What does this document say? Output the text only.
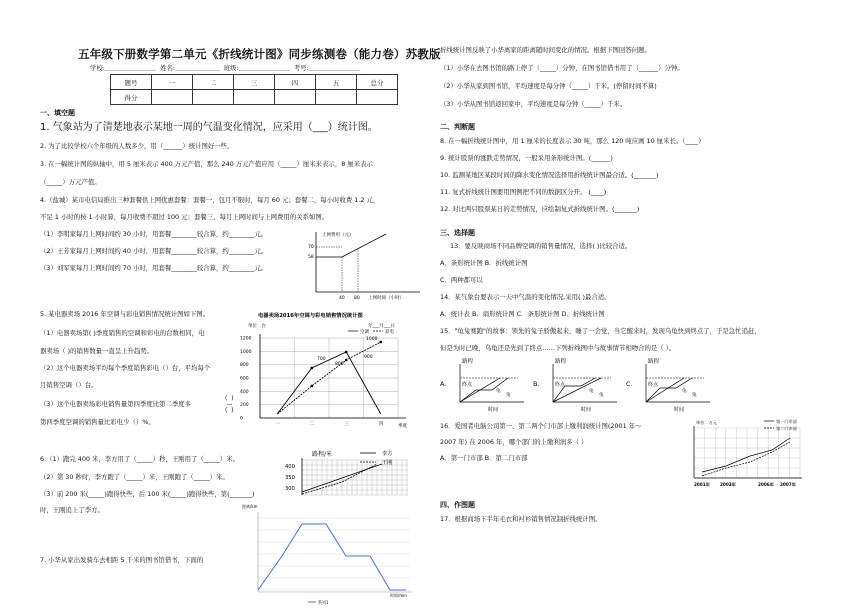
五年级下册数学第二单元《折线统计图》同步练测卷（能力卷）苏教版
学校:＿＿＿＿＿＿＿＿ 姓名:＿＿＿＿＿＿＿ 班级:＿＿＿＿＿＿＿＿ 考号:＿＿＿＿＿＿＿＿
题号	一	二	三	四	五	总分
得分						
一、填空题
1. 气象站为了清楚地表示某地一周的气温变化情况，应采用（___）统计图。
2. 为了比较学校六个年级的人数多少，用（______）统计图好一些。
3. 在一幅统计图的纵轴中，用 5 厘米表示 400 万元产值，那么 240 万元产值应用（_____）厘米来表示，8 厘米表示
（_____）万元产值。
4.（盐城）某市电信局推出三种套餐供上网优惠套餐：套餐一，包月不限时，每月 60 元；套餐二，每小时收费 1.2 元，
不足 1 小时的按 1 小时算，每月收费不超过 100 元；套餐三，每月上网时间与上网费用的关系如图。
（1）李明家每月上网时间约 30 小时，用套餐________较合算，约________元。
（2）王芳家每月上网时间约 40 小时，用套餐________较合算，约________元。
（3）刘军家每月上网时间约 70 小时，用套餐________较合算，约________元。
上网费用（元）
上网时间（小时）
70
58
40 80
5. 某电器卖场 2016 年空调与彩电销售情况统计图如下图。
（1）电器卖场第( )季度销售的空调和彩电的台数相同，电
器卖场（ )的销售数量一直呈上升趋势。
（2）这个电器卖场平均每个季度销售彩电（）台，平均每个
月销售空调（）台。
（3）这个电器卖场彩电销售量第四季度比第二季度多
(  )
—
(  )
第四季度空调的销售量比彩电少（）%。
电器卖场2016年空调与彩电销售情况统计图
单位：台	年___月___日
0
200
400
600
800
1000
1200
一	二	三	四
空调	彩电
季度
800
900
700
1000
6.（1）跑完 400 米，李方用了（_____）秒，王刚用了（_____）米。
（2）第 30 秒时，李方跑了（_____）米，王刚跑了（_____）米。
（3）前 200 米(_____)跑得快些，后 100 米(_____)跑得快些，第(_______)
时，王刚追上了李方。
路程/米
400
350
300
李方
王刚
距离/km
时间/min
系列1
7. 小华从家出发骑车去相距 5 千米的图书馆借书，下面的
折线统计图反映了小华离家的距离随时间变化的情况。根据下图回答问题。
（1）小华在去图书馆的路上停了（_____）分钟，在图书馆借书用了（______）分钟。
（2）小华从家到图书馆，平均速度是每分钟（_____）千米。(停留时间不算)
（3）小华从图书馆返回家中，平均速度是每分钟（_____）千米。
二、判断题
8. 在一幅折线统计图中，用 1 厘米的长度表示 30 吨，那么 120 吨应画 10 厘米长。（____）
9. 统计股票的涨跌走势情况，一般采用条形统计图。(______)
10. 监测某地区某段时间的降水变化情况选择用折线统计图最合适。(_______)
11. 复式折线统计图要用图例把不同的数据区分开。 (____)
12. 对比两只股票某日的走势情况，应绘制复式折线统计图。(_______)
三、选择题
13．要反映商场不同品牌空调的销售量情况，选择( )比较合适。
A．条形统计图 B．折线统计图
C．两种都可以
14．某气象台要表示一天中气温的变化情况,采用( )最合适。
A．统计表 B．扇形统计图 C．条形统计图 D．折线统计图
15．"龟兔赛跑"的故事：领先的兔子骄傲起来，睡了一会觉，当它醒来时，发现乌龟快到终点了，于是急忙追赶，
但是为时已晚，乌龟还是先到了终点……下列折线图中与故事情节相吻合的是（ ）。
A.
路程
终点
时间
龟
兔
B.
路程
终点
时间
龟
兔
C.
路程
终点
时间
龟
兔
16．爱国者电脑公司第一、第二两个门市部上缴利润统计图(2001 年～
2007 年) 在 2006 年，哪个部门的上缴利润多（ ）
A．第一门市部 B．第二门市部
单位：万元	第一门市部
第二门市部
2001年 2003年	2006年 2007年
四、作图题
17．根据商场下半年毛衣和衬衫销售情况制折线统计图。
